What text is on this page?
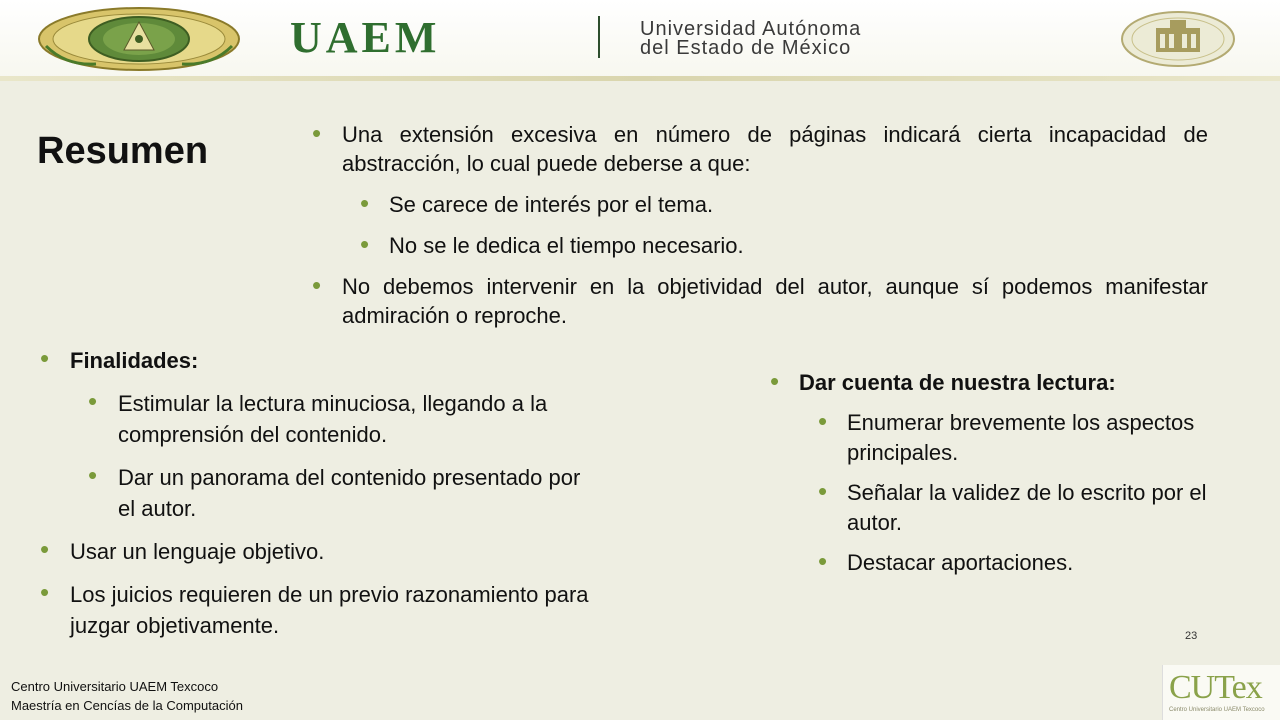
UAEM	Universidad Autónoma
del Estado de México
Resumen	• Una extensión excesiva en número de páginas indicará cierta incapacidad de abstracción, lo cual puede deberse a que:
• Se carece de interés por el tema.
• No se le dedica el tiempo necesario.
• No debemos intervenir en la objetividad del autor, aunque sí podemos manifestar admiración o reproche.
• Finalidades:
• Estimular la lectura minuciosa, llegando a la comprensión del contenido.
• Dar un panorama del contenido presentado por el autor.
• Usar un lenguaje objetivo.
• Los juicios requieren de un previo razonamiento para juzgar objetivamente.
• Dar cuenta de nuestra lectura:
• Enumerar brevemente los aspectos principales.
• Señalar la validez de lo escrito por el autor.
• Destacar aportaciones.
23
Centro Universitario UAEM Texcoco
Maestría en Cencías de la Computación	CUTex
Centro Universitario UAEM Texcoco
